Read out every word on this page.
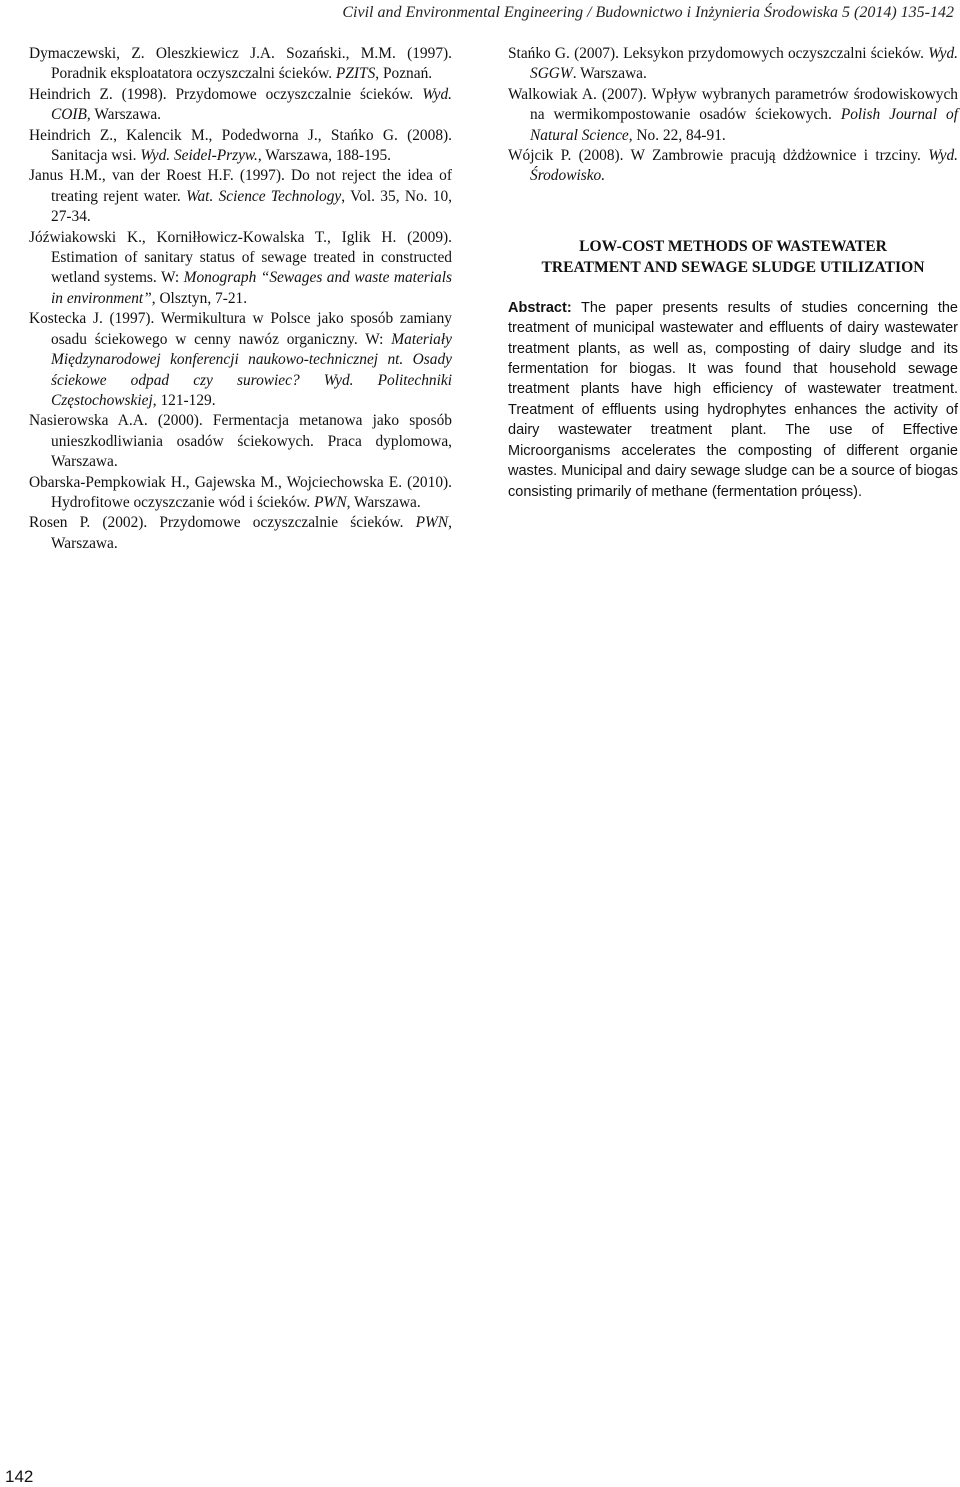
Civil and Environmental Engineering / Budownictwo i Inżynieria Środowiska 5 (2014) 135-142

Dymaczewski, Z. Oleszkiewicz J.A. Sozański., M.M. (1997). Poradnik eksploatatora oczyszczalni ścieków. PZITS, Poznań.

Heindrich Z. (1998). Przydomowe oczyszczalnie ścieków. Wyd. COIB, Warszawa.

Heindrich Z., Kalencik M., Podedworna J., Stańko G. (2008). Sanitacja wsi. Wyd. Seidel-Przyw., Warszawa, 188-195.

Janus H.M., van der Roest H.F. (1997). Do not reject the idea of treating rejent water. Wat. Science Technology, Vol. 35, No. 10, 27-34.

Jóźwiakowski K., Korniłłowicz-Kowalska T., Iglik H. (2009). Estimation of sanitary status of sewage treated in constructed wetland systems. W: Monograph “Sewages and waste materials in environment”, Olsztyn, 7-21.

Kostecka J. (1997). Wermikultura w Polsce jako sposób zamiany osadu ściekowego w cenny nawóz organiczny. W: Materiały Międzynarodowej konferencji naukowo-technicznej nt. Osady ściekowe odpad czy surowiec? Wyd. Politechniki Częstochowskiej, 121-129.

Nasierowska A.A. (2000). Fermentacja metanowa jako sposób unieszkodliwiania osadów ściekowych. Praca dyplomowa, Warszawa.

Obarska-Pempkowiak H., Gajewska M., Wojciechowska E. (2010). Hydrofitowe oczyszczanie wód i ścieków. PWN, Warszawa.

Rosen P. (2002). Przydomowe oczyszczalnie ścieków. PWN, Warszawa.

Stańko G. (2007). Leksykon przydomowych oczyszczalni ścieków. Wyd. SGGW. Warszawa.

Walkowiak A. (2007). Wpływ wybranych parametrów środowiskowych na wermikompostowanie osadów ściekowych. Polish Journal of Natural Science, No. 22, 84-91.

Wójcik P. (2008). W Zambrowie pracują dżdżownice i trzciny. Wyd. Środowisko.

LOW-COST METHODS OF WASTEWATER
TREATMENT AND SEWAGE SLUDGE UTILIZATION

Abstract: The paper presents results of studies concerning the treatment of municipal wastewater and effluents of dairy wastewater treatment plants, as well as, composting of dairy sludge and its fermentation for biogas. It was found that household sewage treatment plants have high efficiency of wastewater treatment. Treatment of effluents using hydrophytes enhances the activity of dairy wastewater treatment plant. The use of Effective Microorganisms accelerates the composting of different organie wastes. Municipal and dairy sewage sludge can be a source of biogas consisting primarily of methane (fermentation próцess).

142
